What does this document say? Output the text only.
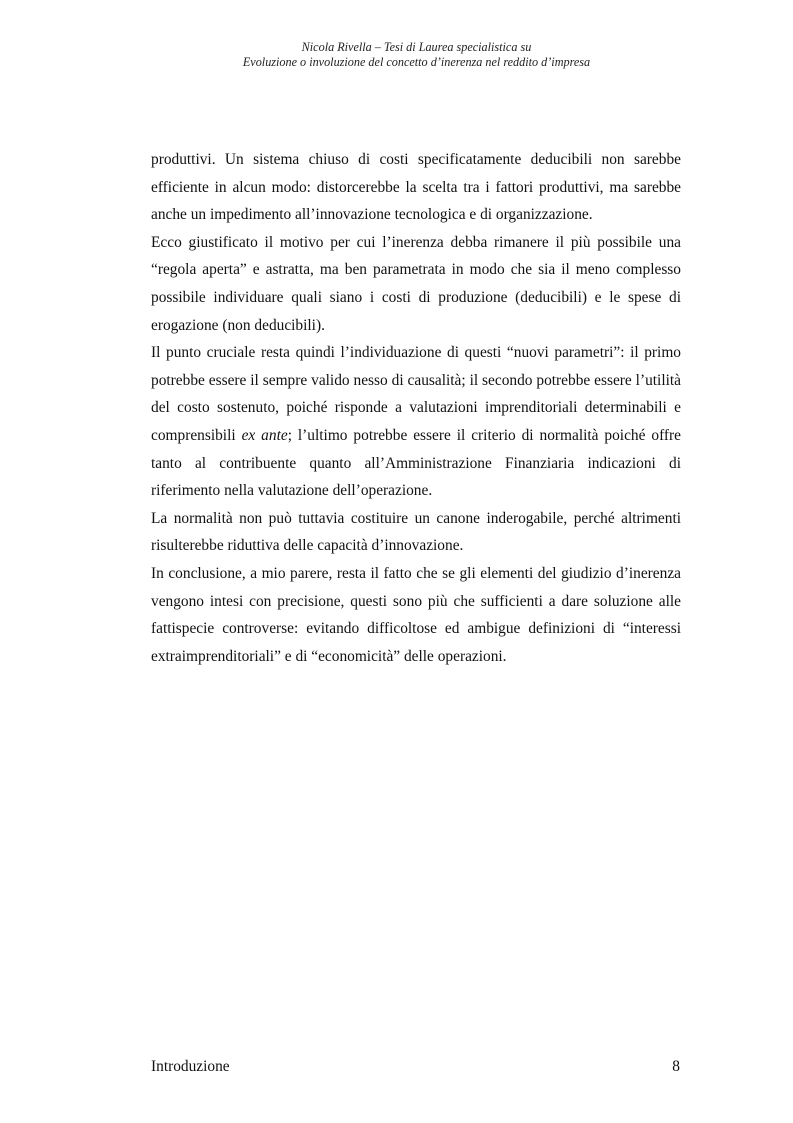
Nicola Rivella – Tesi di Laurea specialistica su
Evoluzione o involuzione del concetto d’inerenza nel reddito d’impresa

produttivi. Un sistema chiuso di costi specificatamente deducibili non sarebbe efficiente in alcun modo: distorcerebbe la scelta tra i fattori produttivi, ma sarebbe anche un impedimento all’innovazione tecnologica e di organizzazione.

Ecco giustificato il motivo per cui l’inerenza debba rimanere il più possibile una “regola aperta” e astratta, ma ben parametrata in modo che sia il meno complesso possibile individuare quali siano i costi di produzione (deducibili) e le spese di erogazione (non deducibili).

Il punto cruciale resta quindi l’individuazione di questi “nuovi parametri”: il primo potrebbe essere il sempre valido nesso di causalità; il secondo potrebbe essere l’utilità del costo sostenuto, poiché risponde a valutazioni imprenditoriali determinabili e comprensibili ex ante; l’ultimo potrebbe essere il criterio di normalità poiché offre tanto al contribuente quanto all’Amministrazione Finanziaria indicazioni di riferimento nella valutazione dell’operazione.

La normalità non può tuttavia costituire un canone inderogabile, perché altrimenti risulterebbe riduttiva delle capacità d’innovazione.

In conclusione, a mio parere, resta il fatto che se gli elementi del giudizio d’inerenza vengono intesi con precisione, questi sono più che sufficienti a dare soluzione alle fattispecie controverse: evitando difficoltose ed ambigue definizioni di “interessi extraimprenditoriali” e di “economicità” delle operazioni.

Introduzione	8
